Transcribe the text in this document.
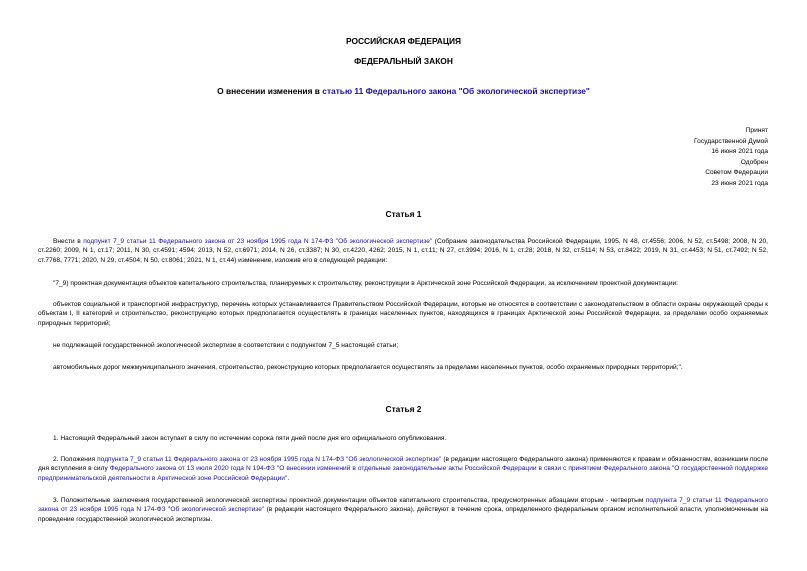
РОССИЙСКАЯ ФЕДЕРАЦИЯ
ФЕДЕРАЛЬНЫЙ ЗАКОН
О внесении изменения в статью 11 Федерального закона "Об экологической экспертизе"
Принят
Государственной Думой
16 июня 2021 года
Одобрен
Советом Федерации
23 июня 2021 года
Статья 1
Внести в подпункт 7_9 статьи 11 Федерального закона от 23 ноября 1995 года N 174-ФЗ "Об экологической экспертизе" (Собрание законодательства Российской Федерации, 1995, N 48, ст.4556; 2006, N 52, ст.5498; 2008, N 20, ст.2260; 2009, N 1, ст.17; 2011, N 30, ст.4591; 4594; 2013, N 52, ст.6971; 2014, N 26, ст.3387; N 30, ст.4220, 4262; 2015, N 1, ст.11; N 27, ст.3994; 2016, N 1, ст.28; 2018, N 32, ст.5114; N 53, ст.8422; 2019, N 31, ст.4453; N 51, ст.7492; N 52, ст.7768, 7771; 2020, N 29, ст.4504; N 50, ст.8061; 2021, N 1, ст.44) изменение, изложив его в следующей редакции:
"7_9) проектная документация объектов капитального строительства, планируемых к строительству, реконструкции в Арктической зоне Российской Федерации, за исключением проектной документации:
объектов социальной и транспортной инфраструктур, перечень которых устанавливается Правительством Российской Федерации, которые не относятся в соответствии с законодательством в области охраны окружающей среды к объектам I, II категорий и строительство, реконструкцию которых предполагается осуществлять в границах населенных пунктов, находящихся в границах Арктической зоны Российской Федерации, за пределами особо охраняемых природных территорий;
не подлежащей государственной экологической экспертизе в соответствии с подпунктом 7_5 настоящей статьи;
автомобильных дорог межмуниципального значения, строительство, реконструкцию которых предполагается осуществлять за пределами населенных пунктов, особо охраняемых природных территорий;".
Статья 2
1. Настоящий Федеральный закон вступает в силу по истечении сорока пяти дней после дня его официального опубликования.
2. Положения подпункта 7_9 статьи 11 Федерального закона от 23 ноября 1995 года N 174-ФЗ "Об экологической экспертизе" (в редакции настоящего Федерального закона) применяются к правам и обязанностям, возникшим после дня вступления в силу Федерального закона от 13 июля 2020 года N 194-ФЗ "О внесении изменений в отдельные законодательные акты Российской Федерации в связи с принятием Федерального закона "О государственной поддержке предпринимательской деятельности в Арктической зоне Российской Федерации".
3. Положительные заключения государственной экологической экспертизы проектной документации объектов капитального строительства, предусмотренных абзацами вторым - четвертым подпункта 7_9 статьи 11 Федерального закона от 23 ноября 1995 года N 174-ФЗ "Об экологической экспертизе" (в редакции настоящего Федерального закона), действуют в течение срока, определенного федеральным органом исполнительной власти, уполномоченным на проведение государственной экологической экспертизы.
